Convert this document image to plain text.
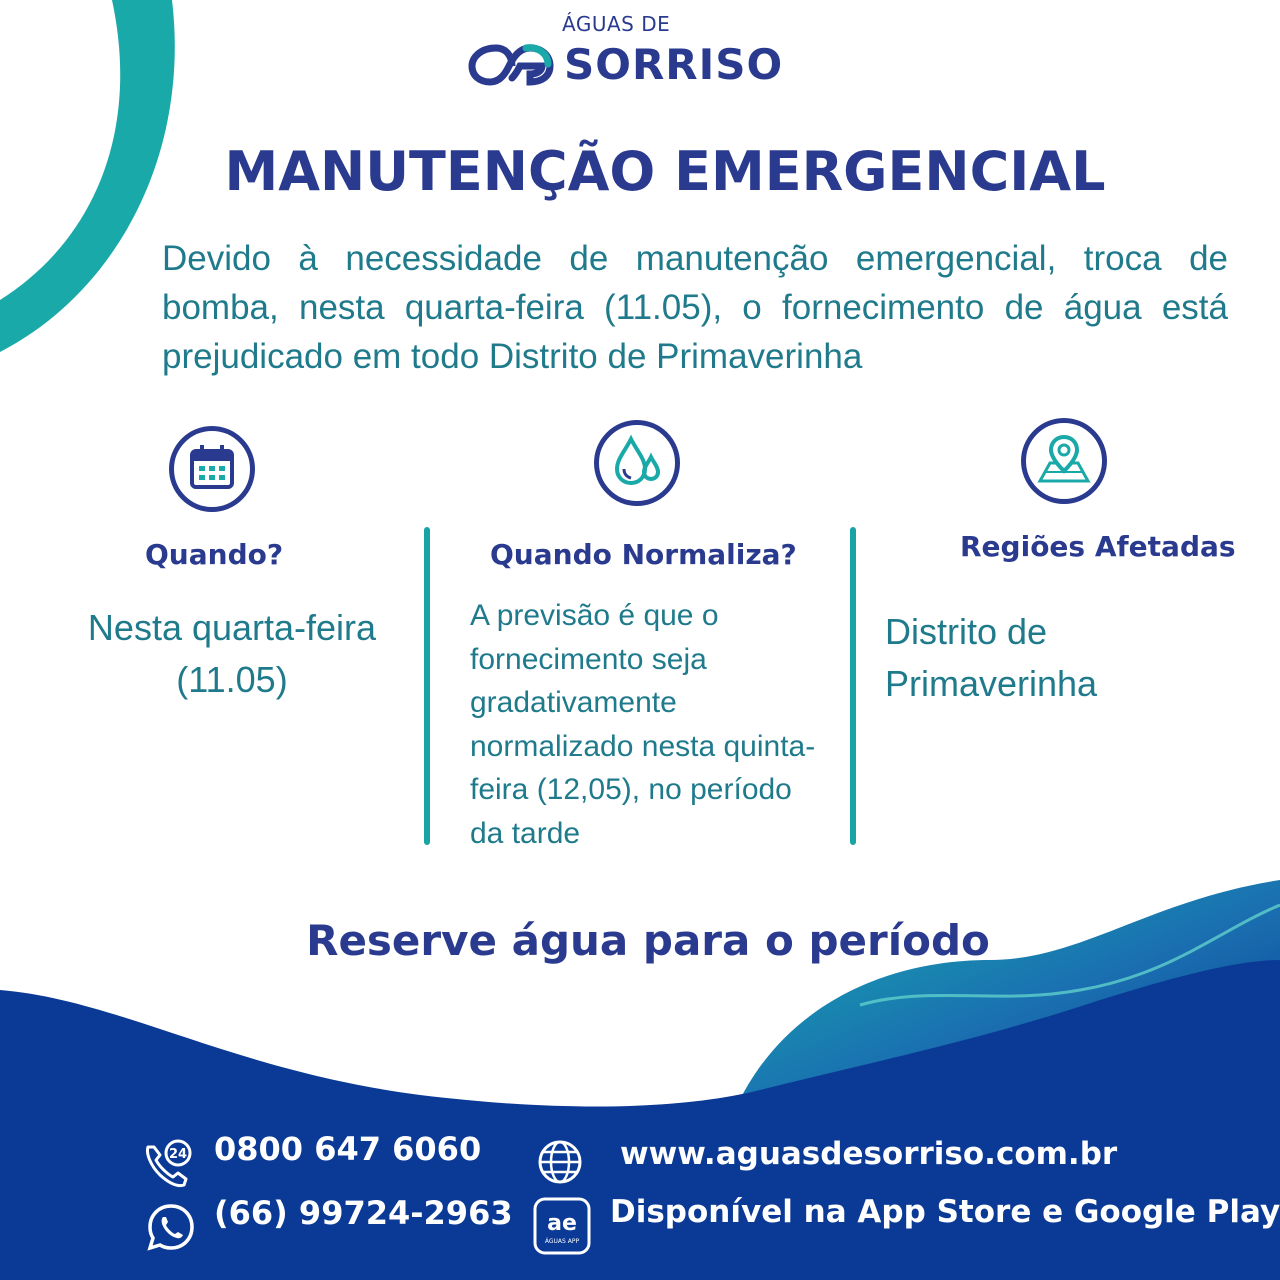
ÁGUAS DE
SORRISO
MANUTENÇÃO EMERGENCIAL
Devido à necessidade de manutenção emergencial, troca de bomba, nesta quarta-feira (11.05), o fornecimento de água está prejudicado em todo Distrito de Primaverinha
Quando?
Nesta quarta-feira
(11.05)
Quando Normaliza?
A previsão é que o
fornecimento seja
gradativamente
normalizado nesta quinta-
feira (12,05), no período
da tarde
Regiões Afetadas
Distrito de
Primaverinha
Reserve água para o período
24 0800 647 6060
(66) 99724-2963
www.aguasdesorriso.com.br
ae
ÁGUAS APP
Disponível na App Store e Google Play
